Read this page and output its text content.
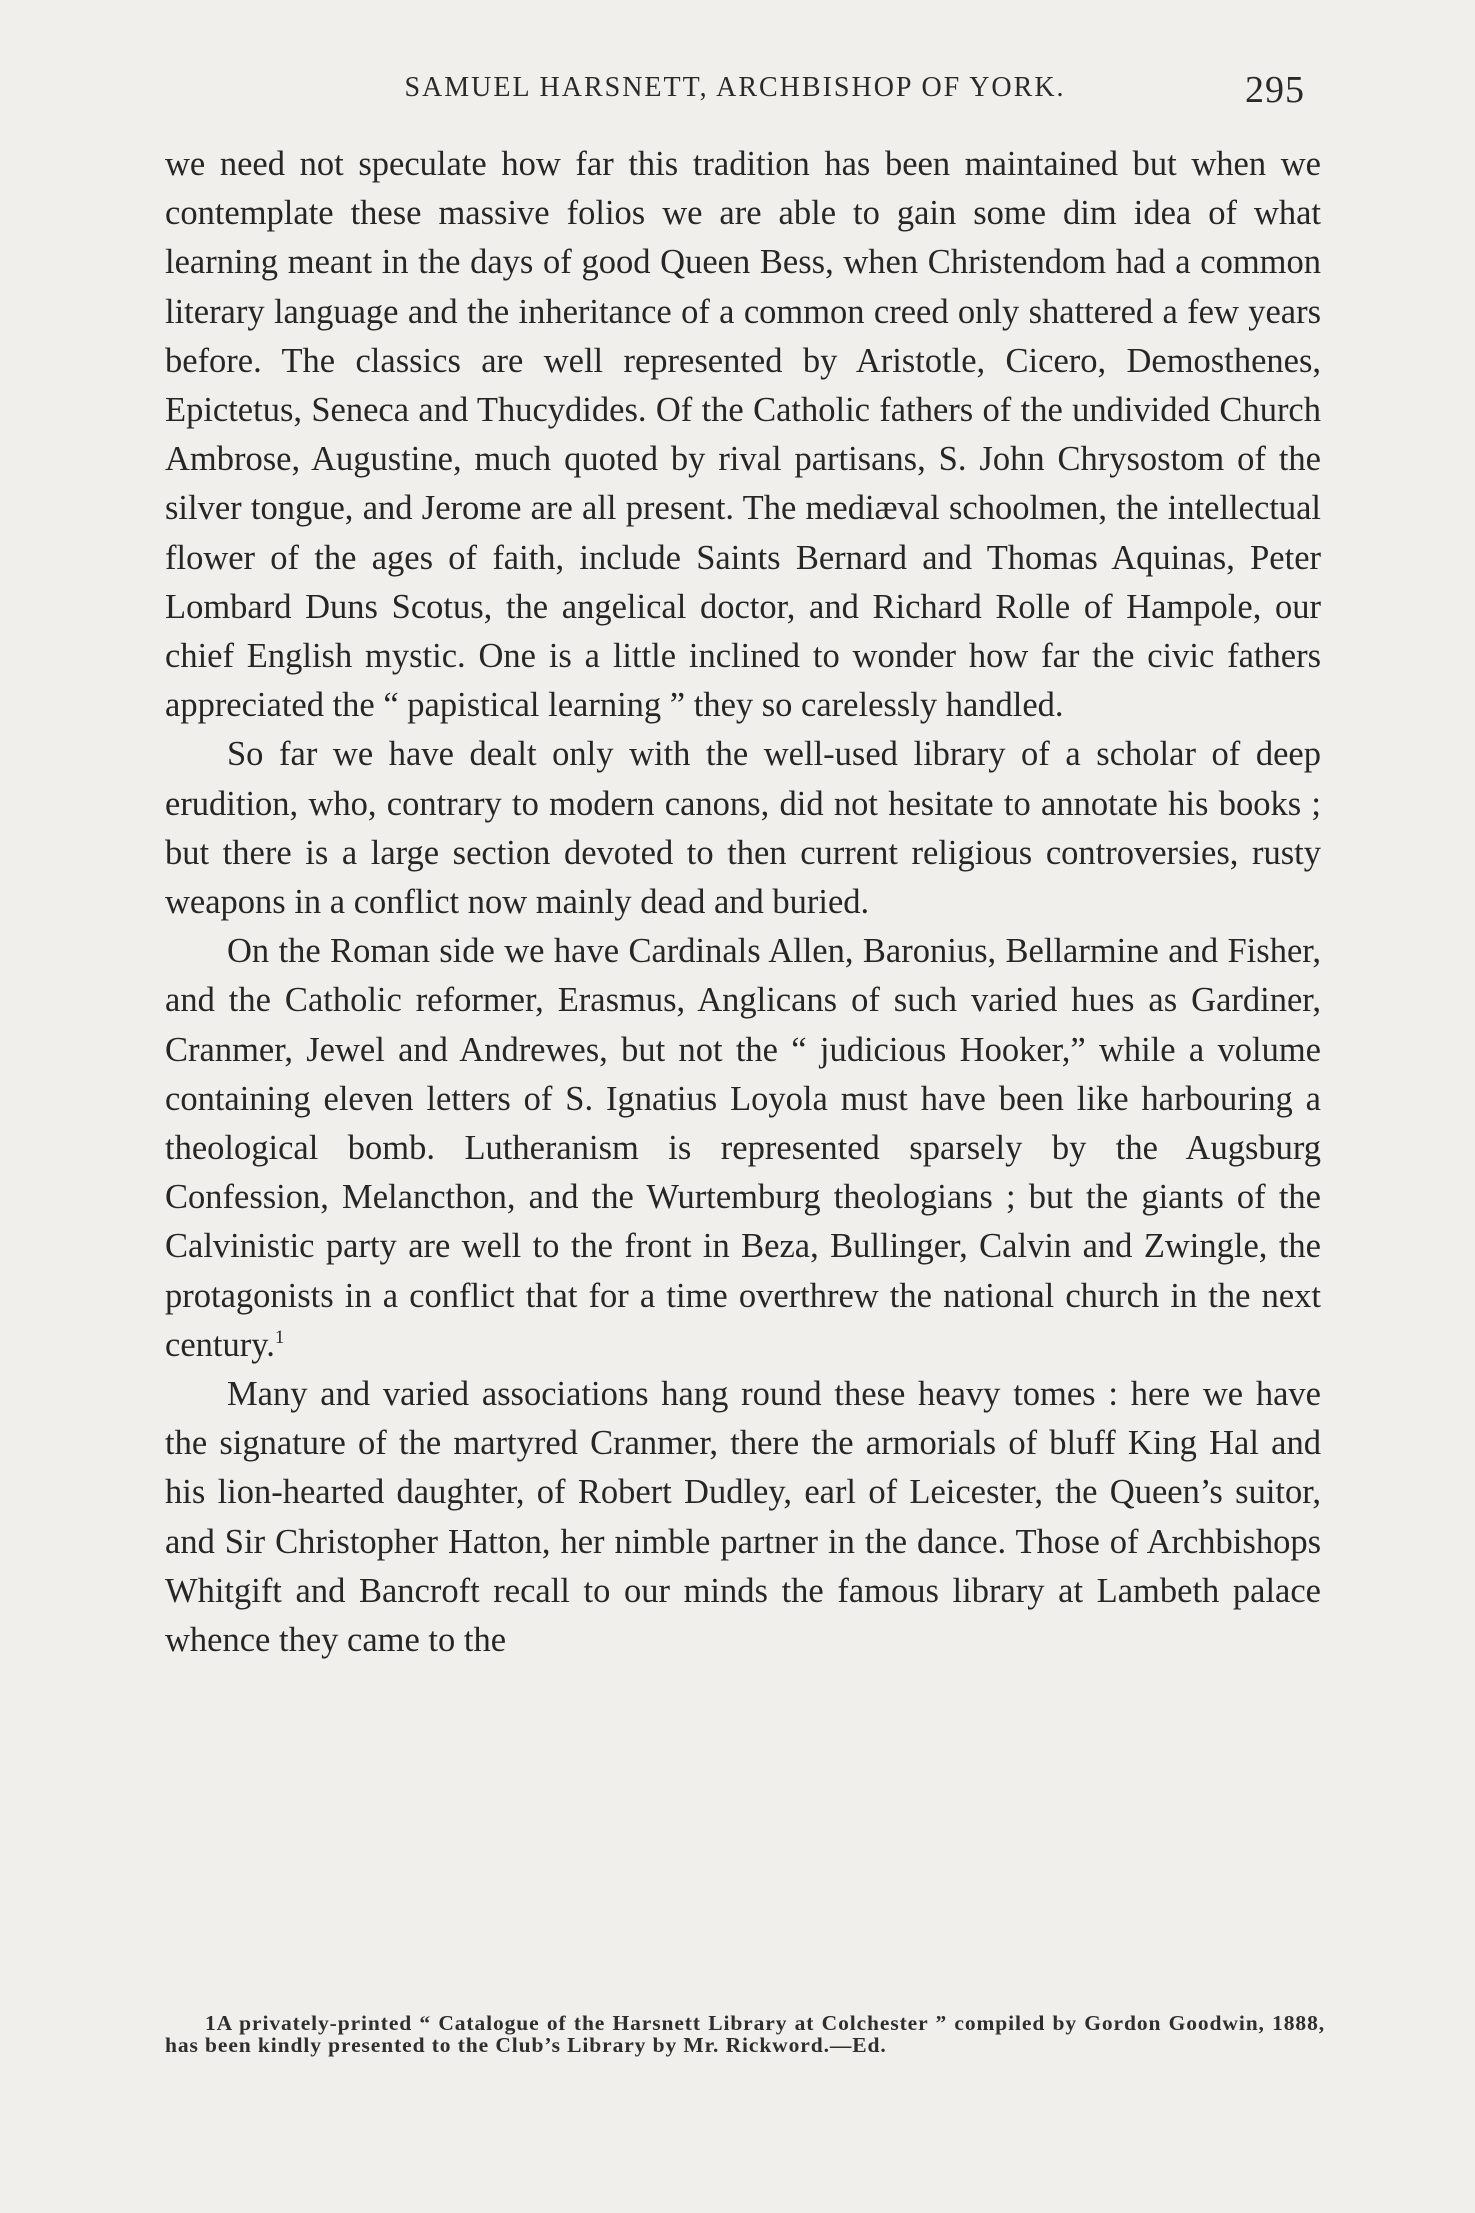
SAMUEL HARSNETT, ARCHBISHOP OF YORK.	295

we need not speculate how far this tradition has been maintained but when we contemplate these massive folios we are able to gain some dim idea of what learning meant in the days of good Queen Bess, when Christendom had a common literary language and the inheritance of a common creed only shattered a few years before. The classics are well represented by Aristotle, Cicero, Demosthenes, Epictetus, Seneca and Thucydides. Of the Catholic fathers of the undivided Church Ambrose, Augustine, much quoted by rival partisans, S. John Chrysostom of the silver tongue, and Jerome are all present. The mediæval schoolmen, the intellectual flower of the ages of faith, include Saints Bernard and Thomas Aquinas, Peter Lombard Duns Scotus, the angelical doctor, and Richard Rolle of Hampole, our chief English mystic. One is a little inclined to wonder how far the civic fathers appreciated the “ papistical learning ” they so carelessly handled.

So far we have dealt only with the well-used library of a scholar of deep erudition, who, contrary to modern canons, did not hesitate to annotate his books ; but there is a large section devoted to then current religious controversies, rusty weapons in a conflict now mainly dead and buried.

On the Roman side we have Cardinals Allen, Baronius, Bellarmine and Fisher, and the Catholic reformer, Erasmus, Anglicans of such varied hues as Gardiner, Cranmer, Jewel and Andrewes, but not the “ judicious Hooker,” while a volume containing eleven letters of S. Ignatius Loyola must have been like harbouring a theological bomb. Lutheranism is represented sparsely by the Augsburg Confession, Melancthon, and the Wurtemburg theologians ; but the giants of the Calvinistic party are well to the front in Beza, Bullinger, Calvin and Zwingle, the protagonists in a conflict that for a time overthrew the national church in the next century.$^1$

Many and varied associations hang round these heavy tomes : here we have the signature of the martyred Cranmer, there the armorials of bluff King Hal and his lion-hearted daughter, of Robert Dudley, earl of Leicester, the Queen’s suitor, and Sir Christopher Hatton, her nimble partner in the dance. Those of Archbishops Whitgift and Bancroft recall to our minds the famous library at Lambeth palace whence they came to the

1A privately-printed “ Catalogue of the Harsnett Library at Colchester ” compiled by Gordon Goodwin, 1888, has been kindly presented to the Club’s Library by Mr. Rickword.—Ed.
